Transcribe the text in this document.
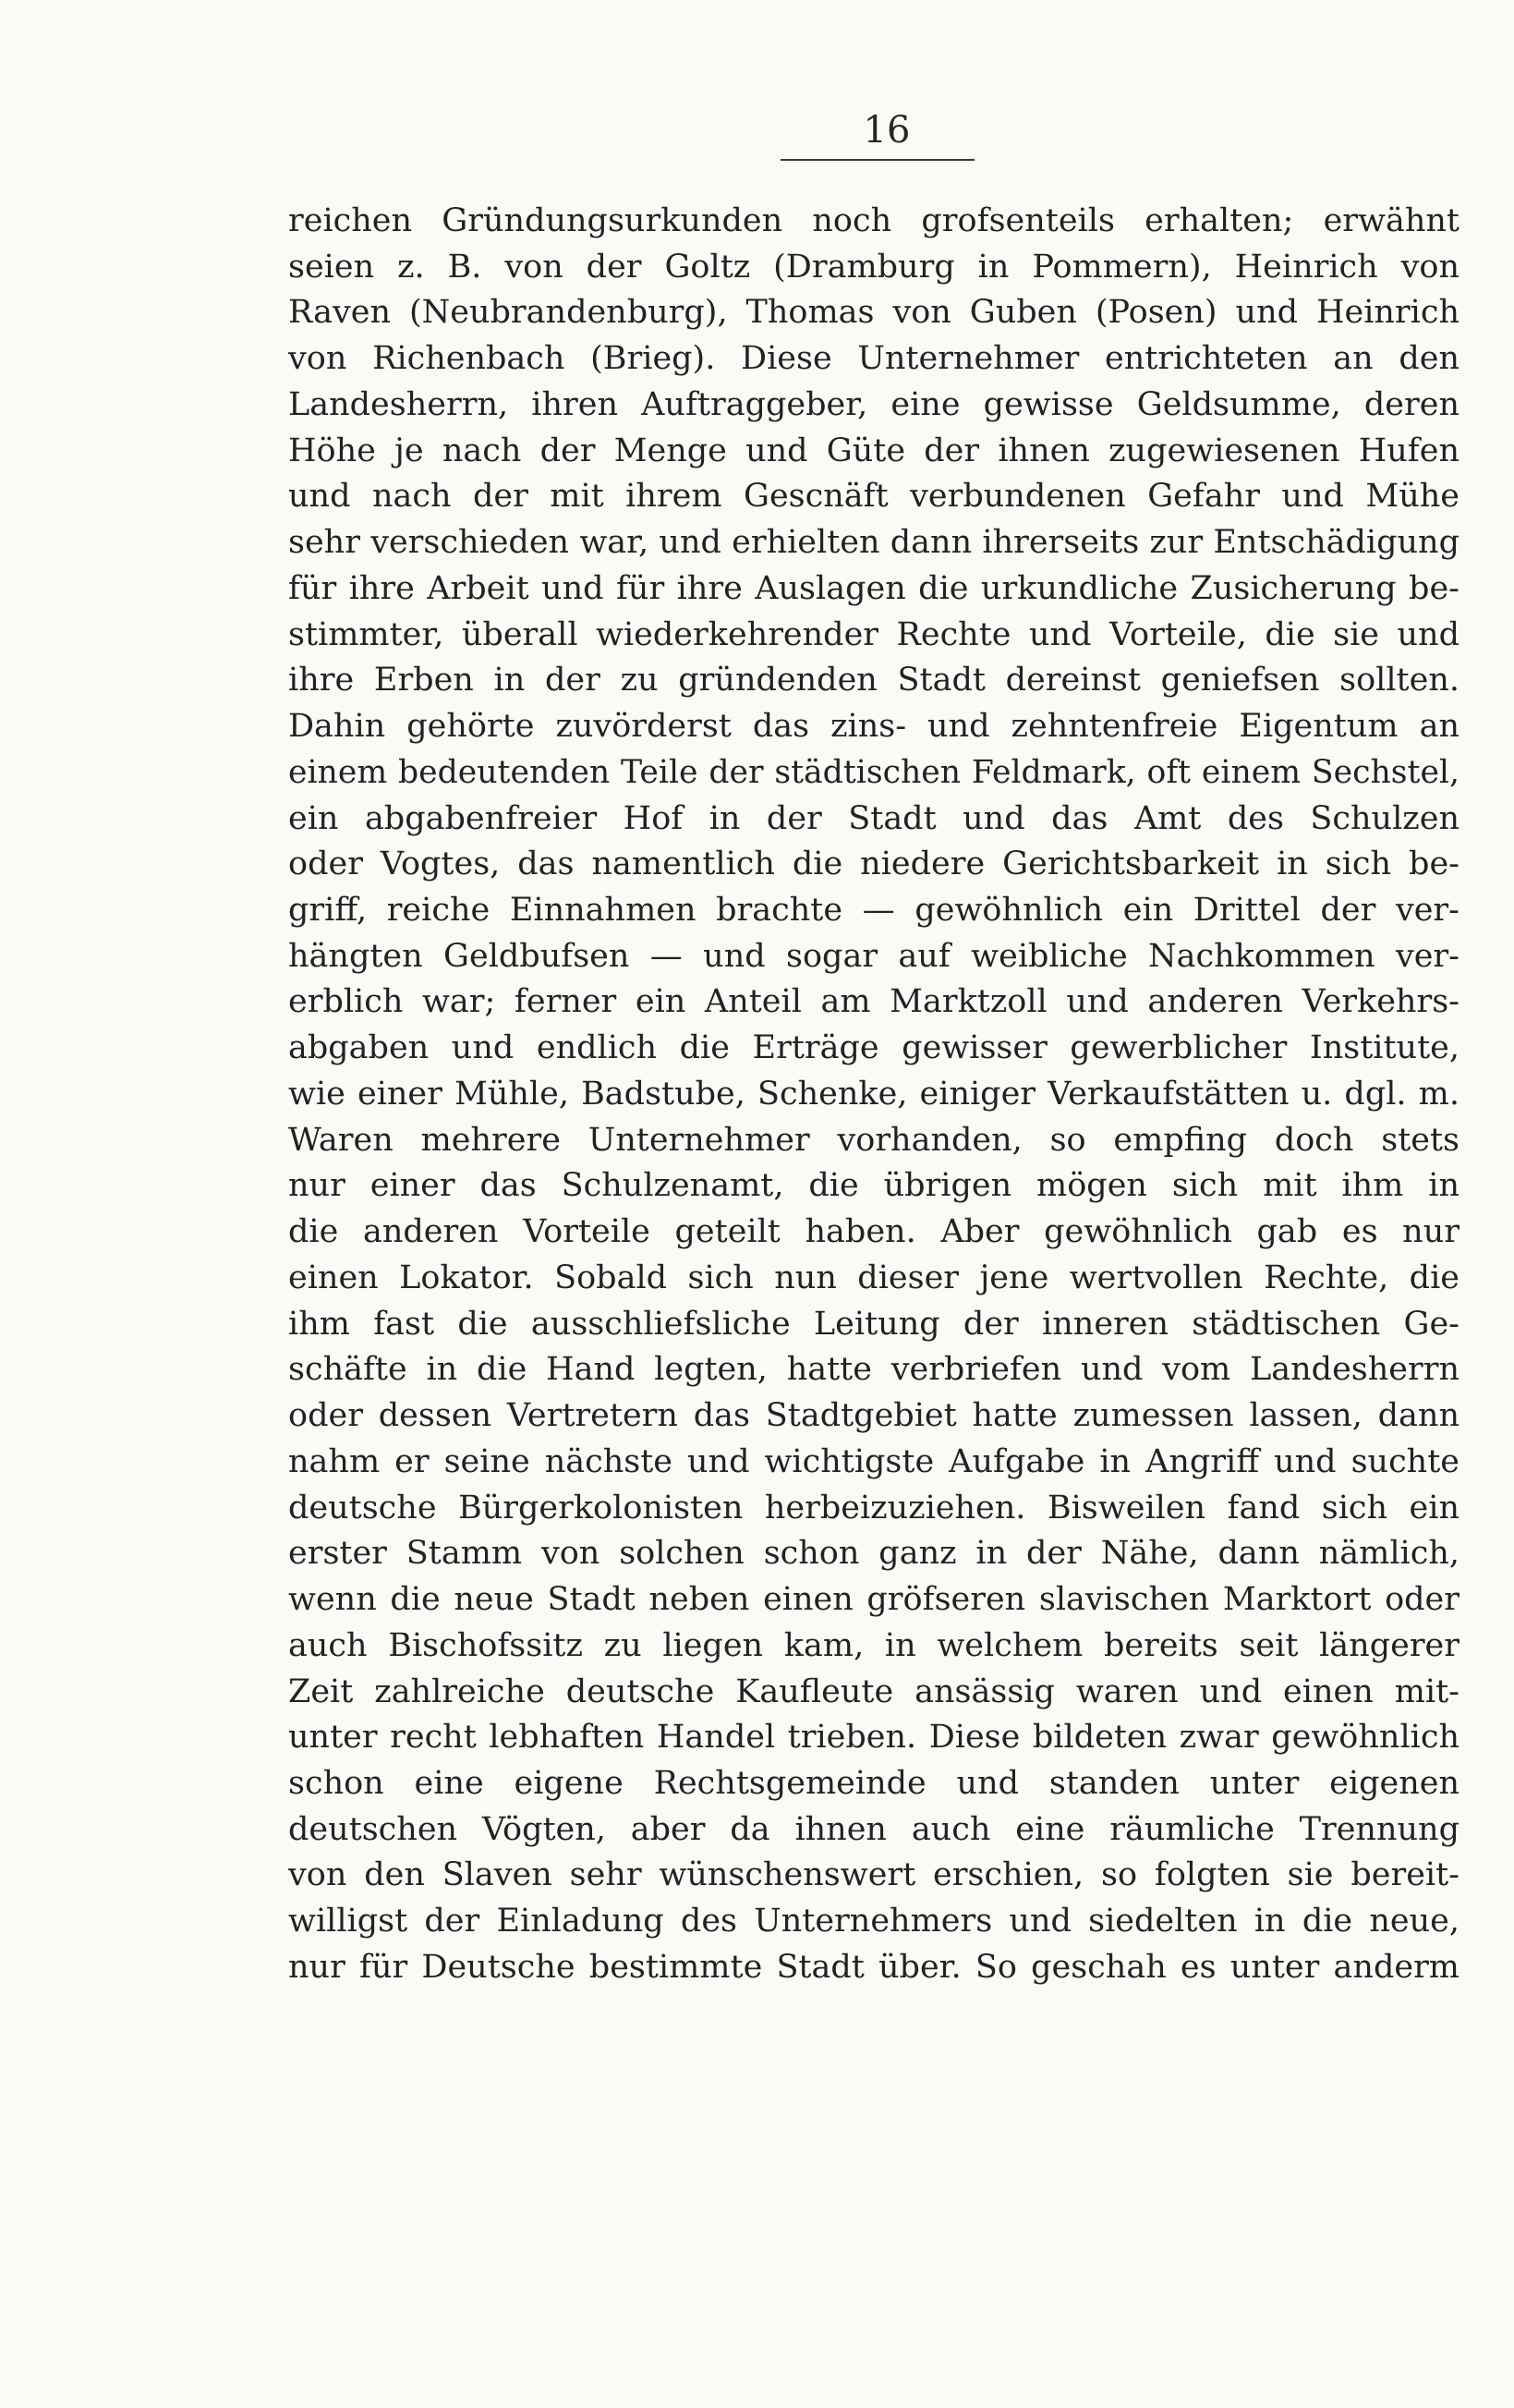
16
reichen Gründungsurkunden noch grofsenteils erhalten; erwähnt
seien z. B. von der Goltz (Dramburg in Pommern), Heinrich von
Raven (Neubrandenburg), Thomas von Guben (Posen) und Heinrich
von Richenbach (Brieg). Diese Unternehmer entrichteten an den
Landesherrn, ihren Auftraggeber, eine gewisse Geldsumme, deren
Höhe je nach der Menge und Güte der ihnen zugewiesenen Hufen
und nach der mit ihrem Gescnäft verbundenen Gefahr und Mühe
sehr verschieden war, und erhielten dann ihrerseits zur Entschädigung
für ihre Arbeit und für ihre Auslagen die urkundliche Zusicherung be-
stimmter, überall wiederkehrender Rechte und Vorteile, die sie und
ihre Erben in der zu gründenden Stadt dereinst geniefsen sollten.
Dahin gehörte zuvörderst das zins- und zehntenfreie Eigentum an
einem bedeutenden Teile der städtischen Feldmark, oft einem Sechstel,
ein abgabenfreier Hof in der Stadt und das Amt des Schulzen
oder Vogtes, das namentlich die niedere Gerichtsbarkeit in sich be-
griff, reiche Einnahmen brachte — gewöhnlich ein Drittel der ver-
hängten Geldbufsen — und sogar auf weibliche Nachkommen ver-
erblich war; ferner ein Anteil am Marktzoll und anderen Verkehrs-
abgaben und endlich die Erträge gewisser gewerblicher Institute,
wie einer Mühle, Badstube, Schenke, einiger Verkaufstätten u. dgl. m.
Waren mehrere Unternehmer vorhanden, so empfing doch stets
nur einer das Schulzenamt, die übrigen mögen sich mit ihm in
die anderen Vorteile geteilt haben. Aber gewöhnlich gab es nur
einen Lokator. Sobald sich nun dieser jene wertvollen Rechte, die
ihm fast die ausschliefsliche Leitung der inneren städtischen Ge-
schäfte in die Hand legten, hatte verbriefen und vom Landesherrn
oder dessen Vertretern das Stadtgebiet hatte zumessen lassen, dann
nahm er seine nächste und wichtigste Aufgabe in Angriff und suchte
deutsche Bürgerkolonisten herbeizuziehen. Bisweilen fand sich ein
erster Stamm von solchen schon ganz in der Nähe, dann nämlich,
wenn die neue Stadt neben einen gröfseren slavischen Marktort oder
auch Bischofssitz zu liegen kam, in welchem bereits seit längerer
Zeit zahlreiche deutsche Kaufleute ansässig waren und einen mit-
unter recht lebhaften Handel trieben. Diese bildeten zwar gewöhnlich
schon eine eigene Rechtsgemeinde und standen unter eigenen
deutschen Vögten, aber da ihnen auch eine räumliche Trennung
von den Slaven sehr wünschenswert erschien, so folgten sie bereit-
willigst der Einladung des Unternehmers und siedelten in die neue,
nur für Deutsche bestimmte Stadt über. So geschah es unter anderm
